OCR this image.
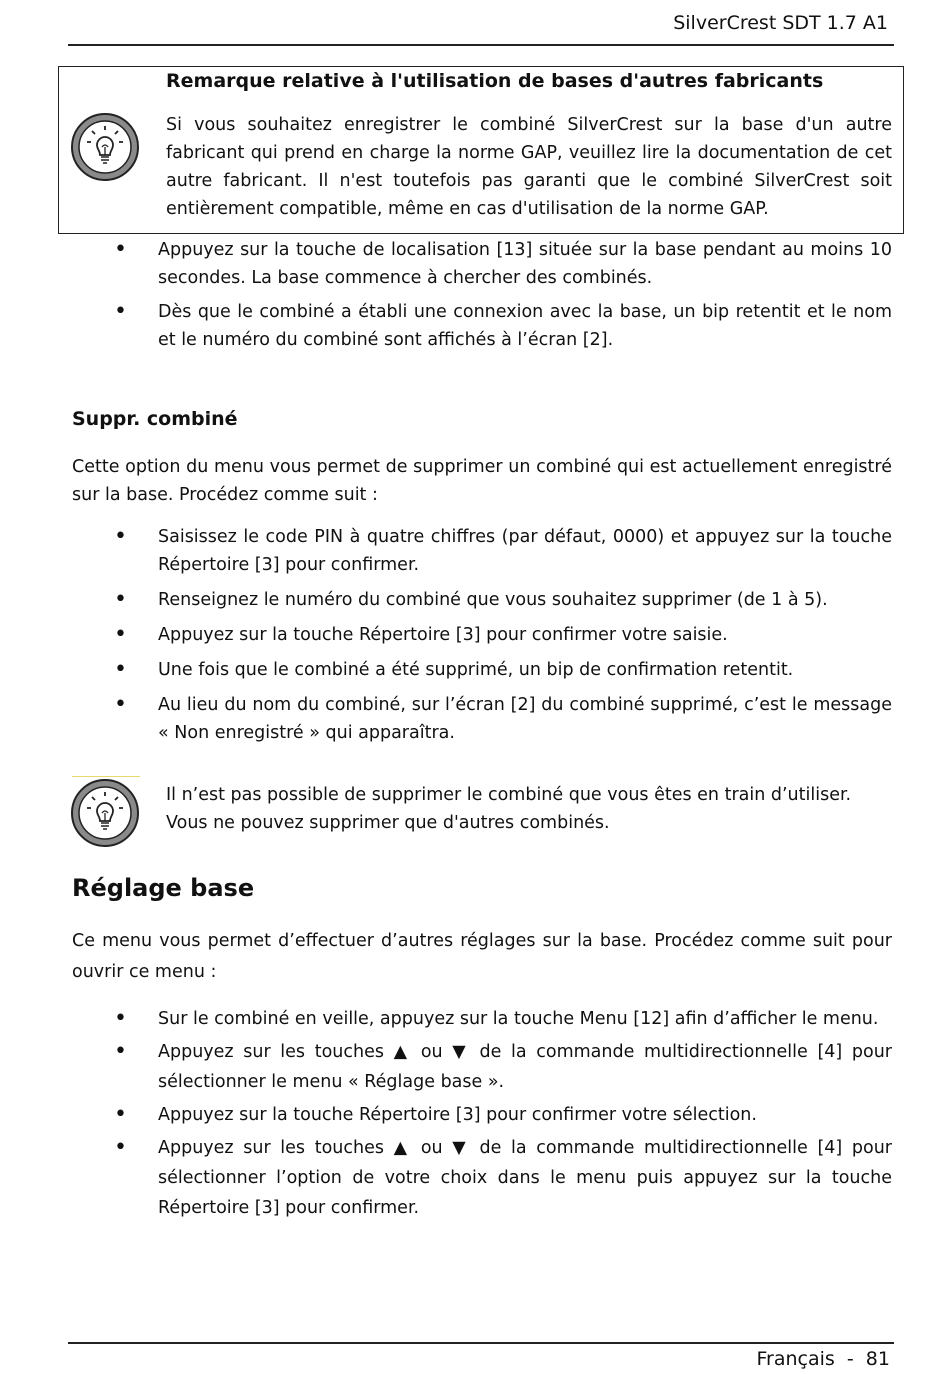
SilverCrest SDT 1.7 A1
Remarque relative à l'utilisation de bases d'autres fabricants
Si vous souhaitez enregistrer le combiné SilverCrest sur la base d'un autre fabricant qui prend en charge la norme GAP, veuillez lire la documentation de cet autre fabricant. Il n'est toutefois pas garanti que le combiné SilverCrest soit entièrement compatible, même en cas d'utilisation de la norme GAP.
• Appuyez sur la touche de localisation [13] située sur la base pendant au moins 10 secondes. La base commence à chercher des combinés.
• Dès que le combiné a établi une connexion avec la base, un bip retentit et le nom et le numéro du combiné sont affichés à l’écran [2].
Suppr. combiné
Cette option du menu vous permet de supprimer un combiné qui est actuellement enregistré sur la base. Procédez comme suit :
• Saisissez le code PIN à quatre chiffres (par défaut, 0000) et appuyez sur la touche Répertoire [3] pour confirmer.
• Renseignez le numéro du combiné que vous souhaitez supprimer (de 1 à 5).
• Appuyez sur la touche Répertoire [3] pour confirmer votre saisie.
• Une fois que le combiné a été supprimé, un bip de confirmation retentit.
• Au lieu du nom du combiné, sur l’écran [2] du combiné supprimé, c’est le message « Non enregistré » qui apparaîtra.
Il n’est pas possible de supprimer le combiné que vous êtes en train d’utiliser. Vous ne pouvez supprimer que d'autres combinés.
Réglage base
Ce menu vous permet d’effectuer d’autres réglages sur la base. Procédez comme suit pour ouvrir ce menu :
• Sur le combiné en veille, appuyez sur la touche Menu [12] afin d’afficher le menu.
• Appuyez sur les touches ▲ ou ▼ de la commande multidirectionnelle [4] pour sélectionner le menu « Réglage base ».
• Appuyez sur la touche Répertoire [3] pour confirmer votre sélection.
• Appuyez sur les touches ▲ ou ▼ de la commande multidirectionnelle [4] pour sélectionner l’option de votre choix dans le menu puis appuyez sur la touche Répertoire [3] pour confirmer.
Français  -  81
